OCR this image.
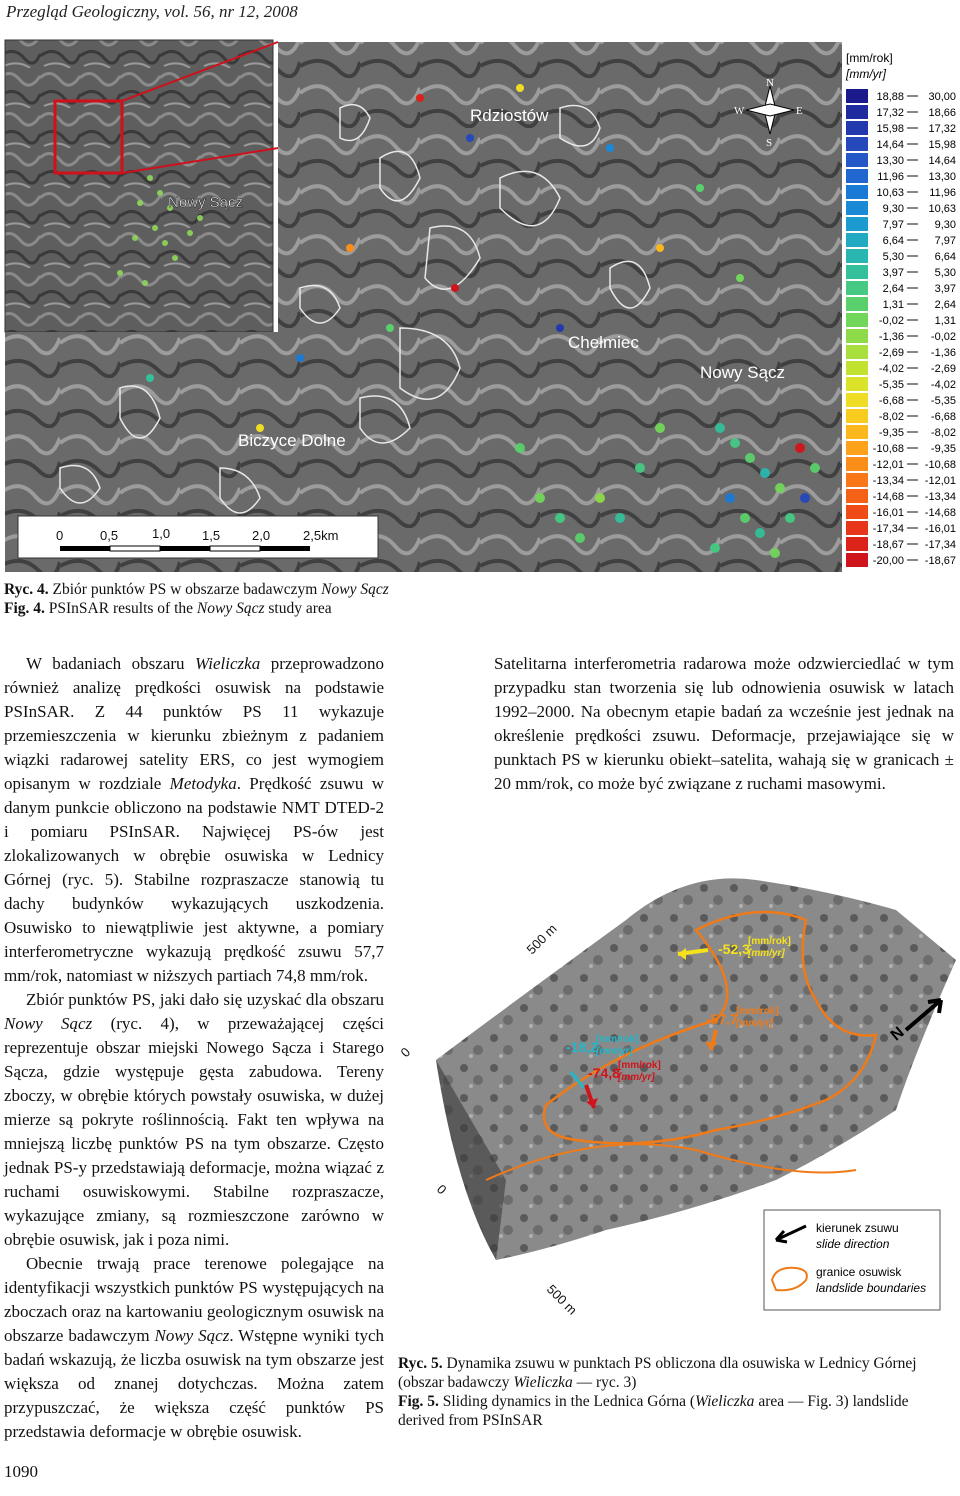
Przegląd Geologiczny, vol. 56, nr 12, 2008
Nowy Sącz
N
S
W	E
Rdziostów
Chełmiec
Nowy Sącz
Biczyce Dolne
0	0,5	1,0 1,5 2,0	2,5km
[mm/rok]
[mm/yr]
18,88 30,00
17,32 18,66
15,98 17,32
14,64 15,98
13,30 14,64
11,96 13,30
10,63 11,96
9,30 10,63
7,97	9,30
6,64	7,97
5,30	6,64
3,97	5,30
2,64	3,97
1,31	2,64
-0,02	1,31
-1,36 -0,02
-2,69 -1,36
-4,02 -2,69
-5,35 -4,02
-6,68 -5,35
-8,02 -6,68
-9,35 -8,02
-10,68 -9,35
-12,01 -10,68
-13,34 -12,01
-14,68 -13,34
-16,01 -14,68
-17,34 -16,01
-18,67 -17,34
-20,00 -18,67
Ryc. 4. Zbiór punktów PS w obszarze badawczym Nowy Sącz
Fig. 4. PSInSAR results of the Nowy Sącz study area

W badaniach obszaru Wieliczka przeprowadzono również analizę prędkości osuwisk na podstawie PSInSAR. Z 44 punktów PS 11 wykazuje przemieszczenia w kierunku zbieżnym z padaniem wiązki radarowej satelity ERS, co jest wymogiem opisanym w rozdziale Metodyka. Prędkość zsuwu w danym punkcie obliczono na podstawie NMT DTED-2 i pomiaru PSInSAR. Najwięcej PS-ów jest zlokalizowanych w obrębie osuwiska w Lednicy Górnej (ryc. 5). Stabilne rozpraszacze stanowią tu dachy budynków wykazujących uszkodzenia. Osuwisko to niewątpliwie jest aktywne, a pomiary interferometryczne wykazują prędkość zsuwu 57,7 mm/rok, natomiast w niższych partiach 74,8 mm/rok.

Zbiór punktów PS, jaki dało się uzyskać dla obszaru Nowy Sącz (ryc. 4), w przeważającej części reprezentuje obszar miejski Nowego Sącza i Starego Sącza, gdzie występuje gęsta zabudowa. Tereny zboczy, w obrębie których powstały osuwiska, w dużej mierze są pokryte roślinnością. Fakt ten wpływa na mniejszą liczbę punktów PS na tym obszarze. Często jednak PS-y przedstawiają deformacje, można wiązać z ruchami osuwiskowymi. Stabilne rozpraszacze, wykazujące zmiany, są rozmieszczone zarówno w obrębie osuwisk, jak i poza nimi.

Obecnie trwają prace terenowe polegające na identyfikacji wszystkich punktów PS występujących na zboczach oraz na kartowaniu geologicznym osuwisk na obszarze badawczym Nowy Sącz. Wstępne wyniki tych badań wskazują, że liczba osuwisk na tym obszarze jest większa od znanej dotychczas. Można zatem przypuszczać, że większa część punktów PS przedstawia deformacje w obrębie osuwisk.

Satelitarna interferometria radarowa może odzwierciedlać w tym przypadku stan tworzenia się lub odnowienia osuwisk w latach 1992–2000. Na obecnym etapie badań za wcześnie jest jednak na określenie prędkości zsuwu. Deformacje, przejawiające się w punktach PS w kierunku obiekt–satelita, wahają się w granicach ± 20 mm/rok, co może być związane z ruchami masowymi.

500 m
0
0
500 m
N
-52,3
[mm/rok]
[mm/yr]
-57,7
[mm/rok]
[mm/yr]
-18,2
[mm/rok]
[mm/yr]
-74,8
[mm/rok]
[mm/yr]
kierunek zsuwu
slide direction
granice osuwisk
landslide boundaries
Ryc. 5. Dynamika zsuwu w punktach PS obliczona dla osuwiska w Lednicy Górnej (obszar badawczy Wieliczka — ryc. 3)
Fig. 5. Sliding dynamics in the Lednica Górna (Wieliczka area — Fig. 3) landslide derived from PSInSAR
1090
